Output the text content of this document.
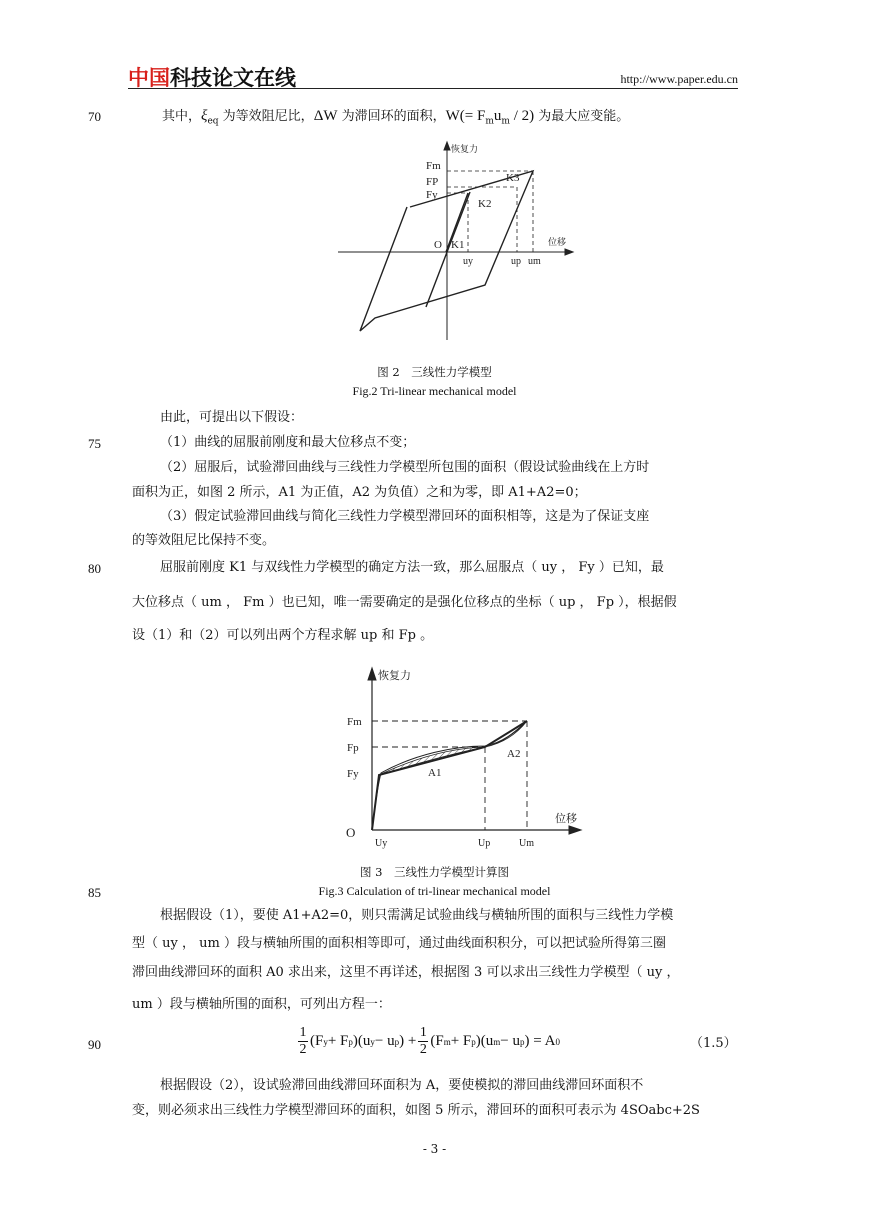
中国科技论文在线	http://www.paper.edu.cn
70	其中，$\xi_{eq}$ 为等效阻尼比，ΔW 为滞回环的面积，$W(= F_mu_m / 2)$ 为最大应变能。
恢复力
位移
Fm
FP
Fy
K3
K2
O K1
uy	up um
图 2　三线性力学模型
Fig.2 Tri-linear mechanical model
由此，可提出以下假设：
75	（1）曲线的屈服前刚度和最大位移点不变；
（2）屈服后，试验滞回曲线与三线性力学模型所包围的面积（假设试验曲线在上方时
面积为正，如图 2 所示，A1 为正值，A2 为负值）之和为零，即 A1+A2=0；
（3）假定试验滞回曲线与简化三线性力学模型滞回环的面积相等，这是为了保证支座
的等效阻尼比保持不变。
80	屈服前刚度 K1 与双线性力学模型的确定方法一致，那么屈服点（ uy ， Fy ）已知，最
大位移点（ um ， Fm ）也已知，唯一需要确定的是强化位移点的坐标（ up ， Fp ），根据假
设（1）和（2）可以列出两个方程求解 up 和 Fp 。
恢复力
位移
Fm
Fp
Fy	A1
A2
O
Uy	Up	Um
图 3　三线性力学模型计算图
85	Fig.3 Calculation of tri-linear mechanical model
根据假设（1），要使 A1+A2=0，则只需满足试验曲线与横轴所围的面积与三线性力学模
型（ uy ， um ）段与横轴所围的面积相等即可，通过曲线面积积分，可以把试验所得第三圈
滞回曲线滞回环的面积 A0 求出来，这里不再详述，根据图 3 可以求出三线性力学模型（ uy ，
um ）段与横轴所围的面积，可列出方程一：
90
1
2
(F y + F p )(u y − u p ) +
1
2
(F m + F p )(u m − u p ) = A 0	（1.5）
根据假设（2），设试验滞回曲线滞回环面积为 A，要使模拟的滞回曲线滞回环面积不
变，则必须求出三线性力学模型滞回环的面积，如图 5 所示，滞回环的面积可表示为 4SOabc+2S
- 3 -
